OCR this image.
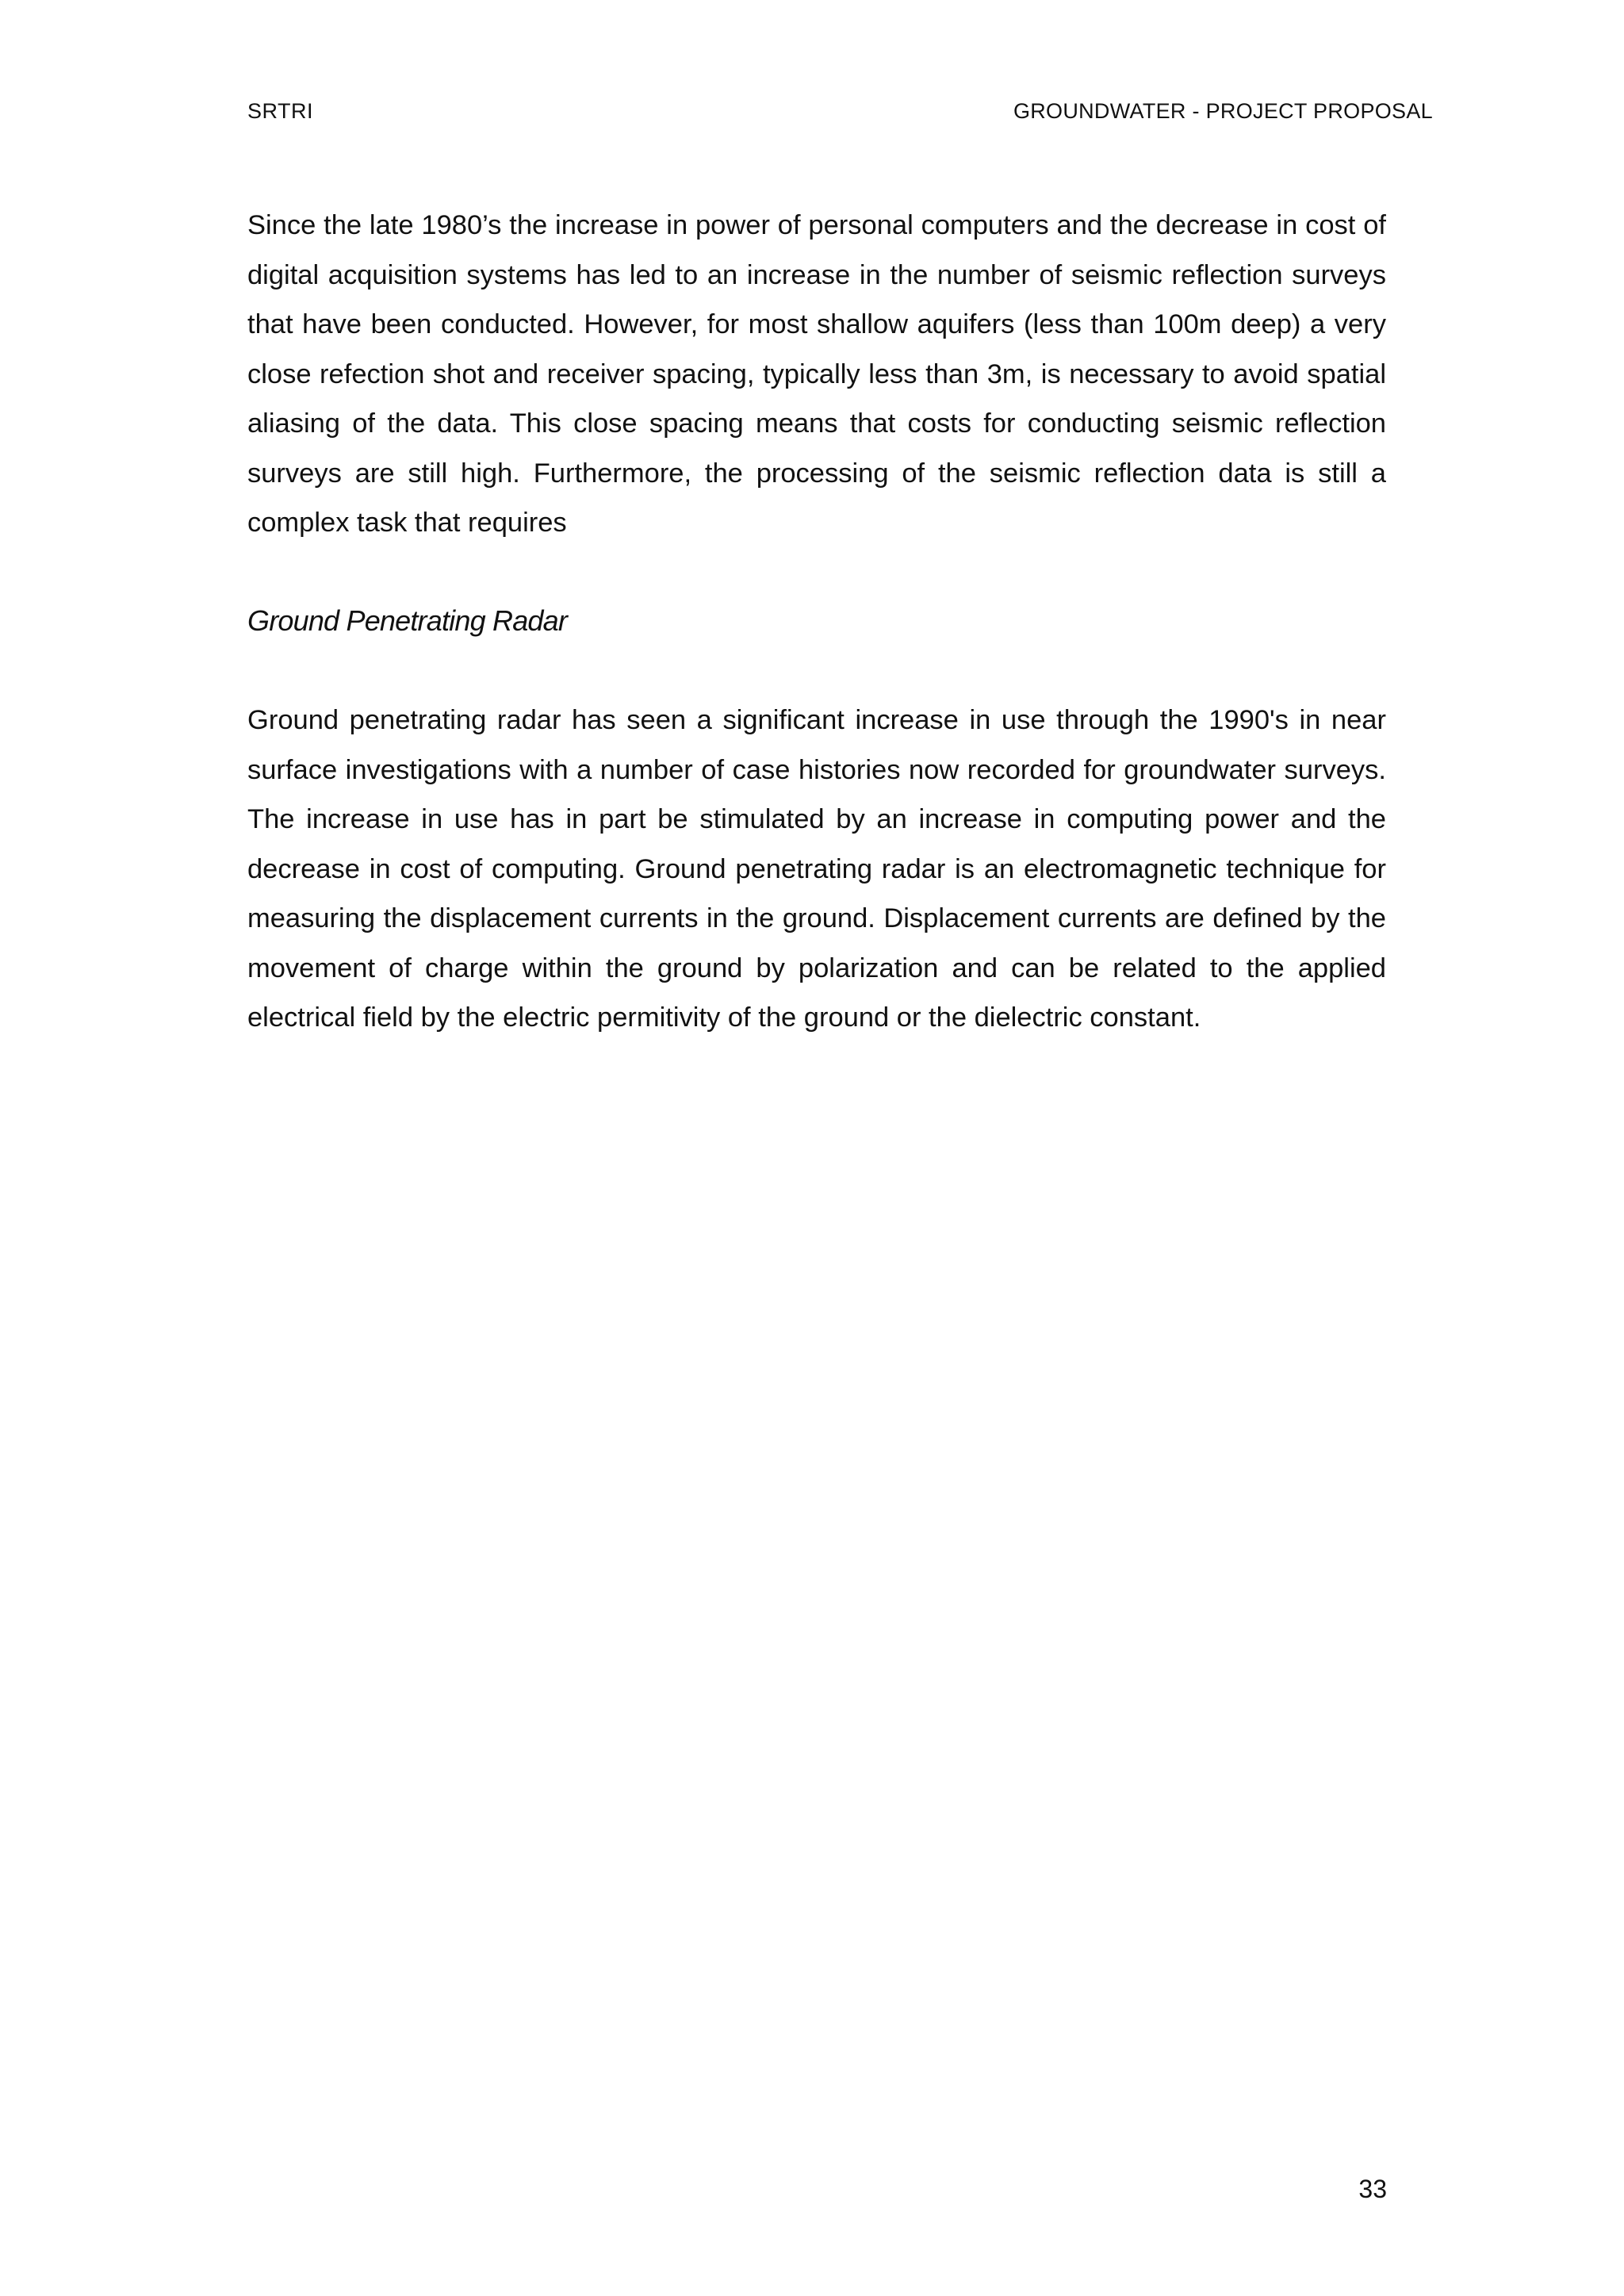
SRTRI	GROUNDWATER - PROJECT PROPOSAL

Since the late 1980’s the increase in power of personal computers and the decrease in cost of digital acquisition systems has led to an increase in the number of seismic reflection surveys that have been conducted. However, for most shallow aquifers (less than 100m deep) a very close refection shot and receiver spacing, typically less than 3m, is necessary to avoid spatial aliasing of the data. This close spacing means that costs for conducting seismic reflection surveys are still high. Furthermore, the processing of the seismic reflection data is still a complex task that requires

Ground Penetrating Radar

Ground penetrating radar has seen a significant increase in use through the 1990's in near surface investigations with a number of case histories now recorded for groundwater surveys. The increase in use has in part be stimulated by an increase in computing power and the decrease in cost of computing. Ground penetrating radar is an electromagnetic technique for measuring the displacement currents in the ground. Displacement currents are defined by the movement of charge within the ground by polarization and can be related to the applied electrical field by the electric permitivity of the ground or the dielectric constant.

33
